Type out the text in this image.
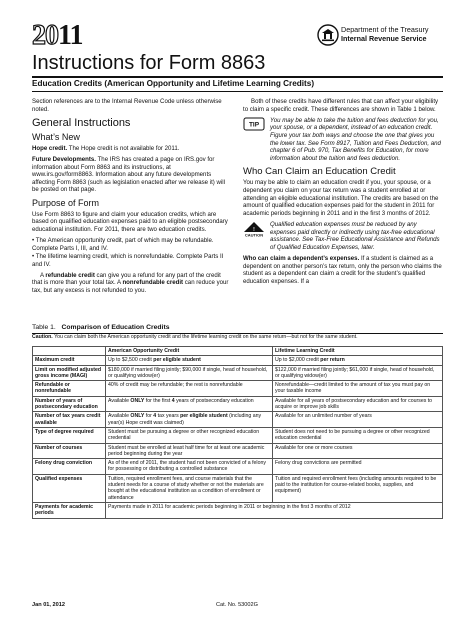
2011	Department of the Treasury
Internal Revenue Service
Instructions for Form 8863
Education Credits (American Opportunity and Lifetime Learning Credits)

Section references are to the Internal Revenue Code unless otherwise noted.

General Instructions
What’s New

Hope credit. The Hope credit is not available for 2011.

Future Developments. The IRS has created a page on IRS.gov for information about Form 8863 and its instructions, at www.irs.gov/form8863. Information about any future developments affecting Form 8863 (such as legislation enacted after we release it) will be posted on that page.

Purpose of Form

Use Form 8863 to figure and claim your education credits, which are based on qualified education expenses paid to an eligible postsecondary educational institution. For 2011, there are two education credits.

• The American opportunity credit, part of which may be refundable. Complete Parts I, III, and IV.

• The lifetime learning credit, which is nonrefundable. Complete Parts II and IV.

A refundable credit can give you a refund for any part of the credit that is more than your total tax. A nonrefundable credit can reduce your tax, but any excess is not refunded to you.

Both of these credits have different rules that can affect your eligibility to claim a specific credit. These differences are shown in Table 1 below.

TIP
You may be able to take the tuition and fees deduction for you, your spouse, or a dependent, instead of an education credit. Figure your tax both ways and choose the one that gives you the lower tax. See Form 8917, Tuition and Fees Deduction, and chapter 6 of Pub. 970, Tax Benefits for Education, for more information about the tuition and fees deduction.
Who Can Claim an Education Credit

You may be able to claim an education credit if you, your spouse, or a dependent you claim on your tax return was a student enrolled at or attending an eligible educational institution. The credits are based on the amount of qualified education expenses paid for the student in 2011 for academic periods beginning in 2011 and in the first 3 months of 2012.

!
CAUTION
Qualified education expenses must be reduced by any expenses paid directly or indirectly using tax-free educational assistance. See Tax-Free Educational Assistance and Refunds of Qualified Education Expenses, later.

Who can claim a dependent’s expenses. If a student is claimed as a dependent on another person’s tax return, only the person who claims the student as a dependent can claim a credit for the student’s qualified education expenses. If a

Table 1. Comparison of Education Credits
Caution. You can claim both the American opportunity credit and the lifetime learning credit on the same return—but not for the same student.
	American Opportunity Credit	Lifetime Learning Credit
Maximum credit	Up to $2,500 credit per eligible student	Up to $2,000 credit per return
Limit on modified adjusted gross income (MAGI)	$180,000 if married filing jointly; $90,000 if single, head of household, or qualifying widow(er)	$122,000 if married filing jointly; $61,000 if single, head of household, or qualifying widow(er)
Refundable or nonrefundable	40% of credit may be refundable; the rest is nonrefundable	Nonrefundable—credit limited to the amount of tax you must pay on your taxable income
Number of years of postsecondary education	Available ONLY for the first 4 years of postsecondary education	Available for all years of postsecondary education and for courses to acquire or improve job skills
Number of tax years credit available	Available ONLY for 4 tax years per eligible student (including any year(s) Hope credit was claimed)	Available for an unlimited number of years
Type of degree required	Student must be pursuing a degree or other recognized education credential	Student does not need to be pursuing a degree or other recognized education credential
Number of courses	Student must be enrolled at least half time for at least one academic period beginning during the year	Available for one or more courses
Felony drug conviction	As of the end of 2011, the student had not been convicted of a felony for possessing or distributing a controlled substance	Felony drug convictions are permitted
Qualified expenses	Tuition, required enrollment fees, and course materials that the student needs for a course of study whether or not the materials are bought at the educational institution as a condition of enrollment or attendance	Tuition and required enrollment fees (including amounts required to be paid to the institution for course-related books, supplies, and equipment)
Payments for academic periods	Payments made in 2011 for academic periods beginning in 2011 or beginning in the first 3 months of 2012	
Jan 01, 2012	Cat. No. 53002G
